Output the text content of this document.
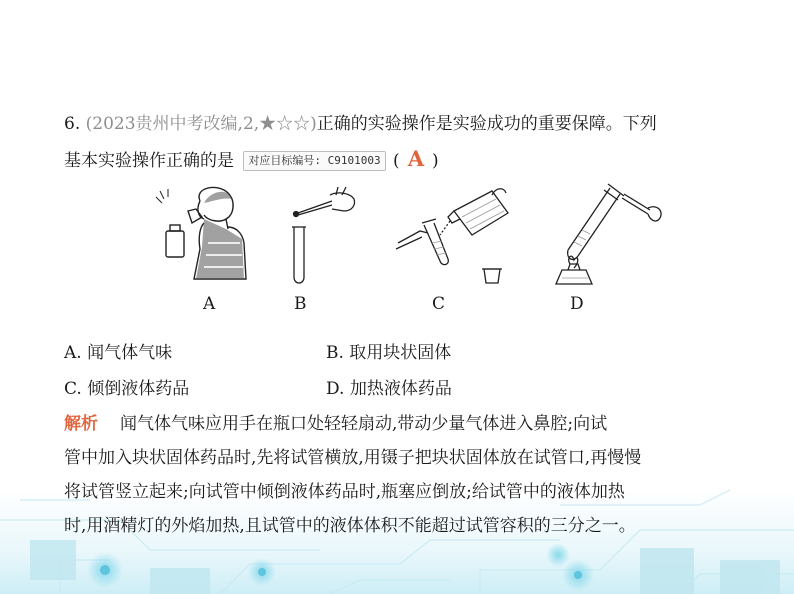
6. (2023贵州中考改编,2,★☆☆)正确的实验操作是实验成功的重要保障。下列
基本实验操作正确的是 对应目标编号: C9101003 ( A )
A	B	C	D
A. 闻气体气味	B. 取用块状固体
C. 倾倒液体药品	D. 加热液体药品
解析 闻气体气味应用手在瓶口处轻轻扇动,带动少量气体进入鼻腔;向试
管中加入块状固体药品时,先将试管横放,用镊子把块状固体放在试管口,再慢慢
将试管竖立起来;向试管中倾倒液体药品时,瓶塞应倒放;给试管中的液体加热
时,用酒精灯的外焰加热,且试管中的液体体积不能超过试管容积的三分之一。
